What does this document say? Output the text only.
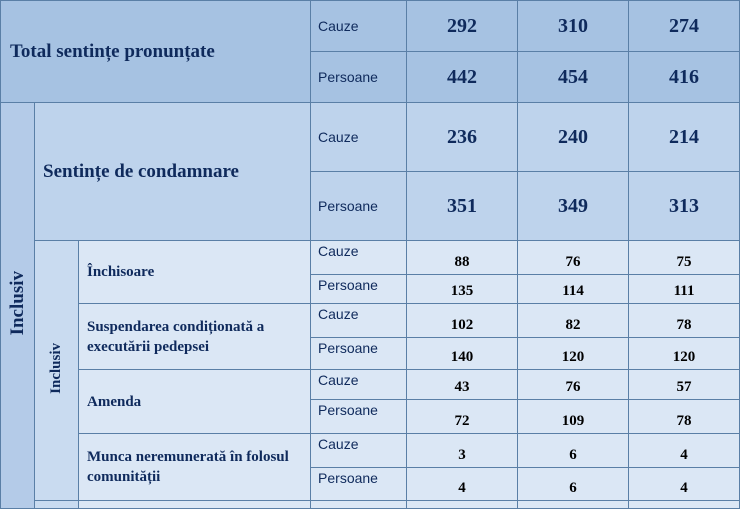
Total sentințe pronunțate			Cauze	292	310	274
			Persoane	442	454	416
Inclusiv	Sentințe de condamnare		Cauze	236	240	214
			Persoane	351	349	313
	Inclusiv	Închisoare	Cauze	88	76	75
			Persoane	135	114	111
		Suspendarea condiționată a executării pedepsei	Cauze	102	82	78
			Persoane	140	120	120
		Amenda	Cauze	43	76	57
			Persoane	72	109	78
		Munca neremunerată în folosul comunității	Cauze	3	6	4
			Persoane	4	6	4
